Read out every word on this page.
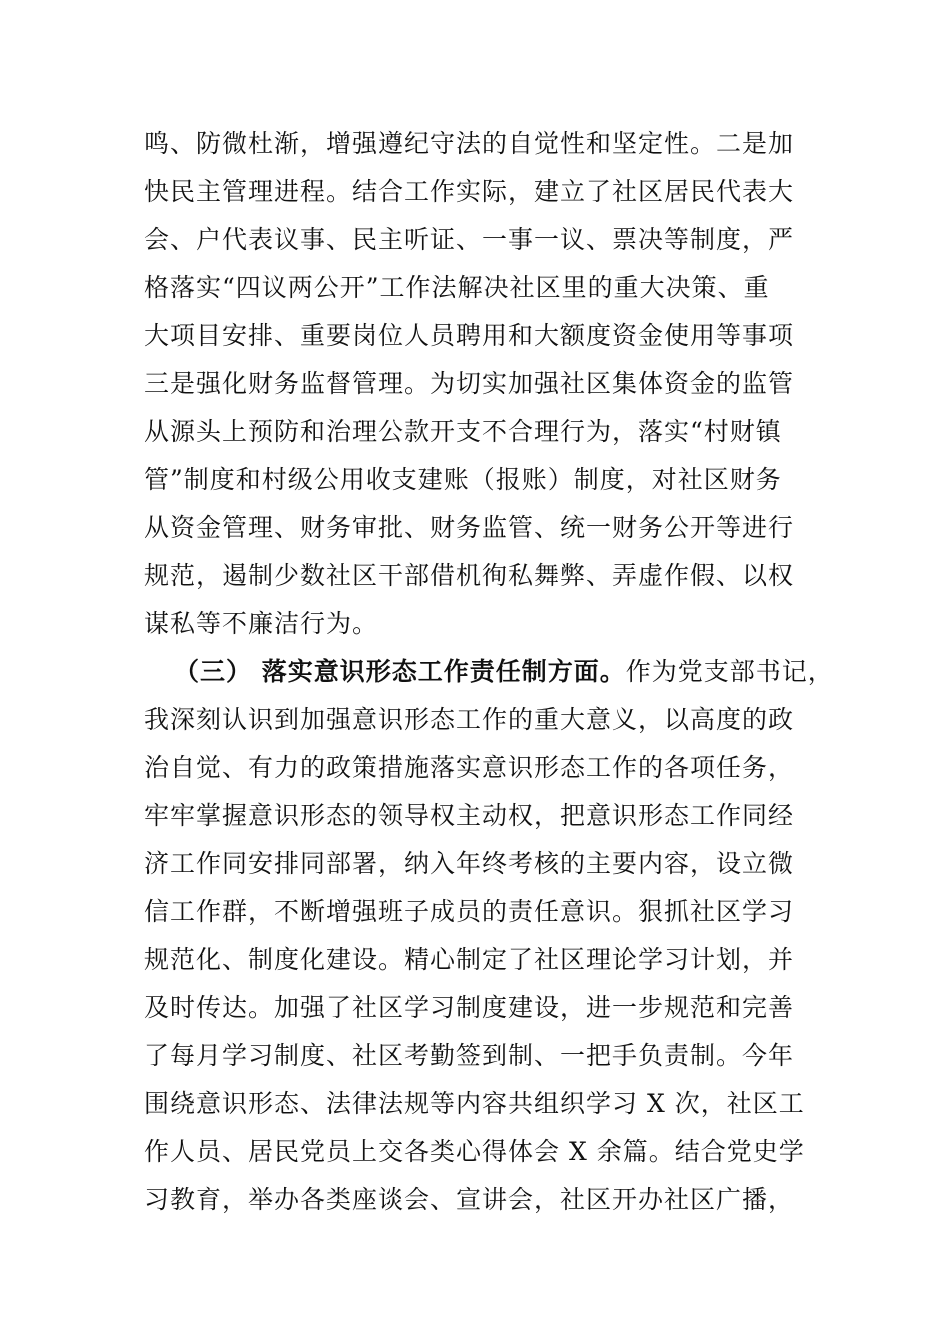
鸣、防微杜渐，增强遵纪守法的自觉性和坚定性。二是加
快民主管理进程。结合工作实际，建立了社区居民代表大
会、户代表议事、民主听证、一事一议、票决等制度，严
格落实“四议两公开”工作法解决社区里的重大决策、重
大项目安排、重要岗位人员聘用和大额度资金使用等事项
三是强化财务监督管理。为切实加强社区集体资金的监管
从源头上预防和治理公款开支不合理行为，落实“村财镇
管”制度和村级公用收支建账（报账）制度，对社区财务
从资金管理、财务审批、财务监管、统一财务公开等进行
规范，遏制少数社区干部借机徇私舞弊、弄虚作假、以权
谋私等不廉洁行为。
（三） 落实意识形态工作责任制方面。作为党支部书记，
我深刻认识到加强意识形态工作的重大意义，以高度的政
治自觉、有力的政策措施落实意识形态工作的各项任务，
牢牢掌握意识形态的领导权主动权，把意识形态工作同经
济工作同安排同部署，纳入年终考核的主要内容，设立微
信工作群，不断增强班子成员的责任意识。狠抓社区学习
规范化、制度化建设。精心制定了社区理论学习计划，并
及时传达。加强了社区学习制度建设，进一步规范和完善
了每月学习制度、社区考勤签到制、一把手负责制。今年
围绕意识形态、法律法规等内容共组织学习 X 次，社区工
作人员、居民党员上交各类心得体会 X 余篇。结合党史学
习教育，举办各类座谈会、宣讲会，社区开办社区广播，
